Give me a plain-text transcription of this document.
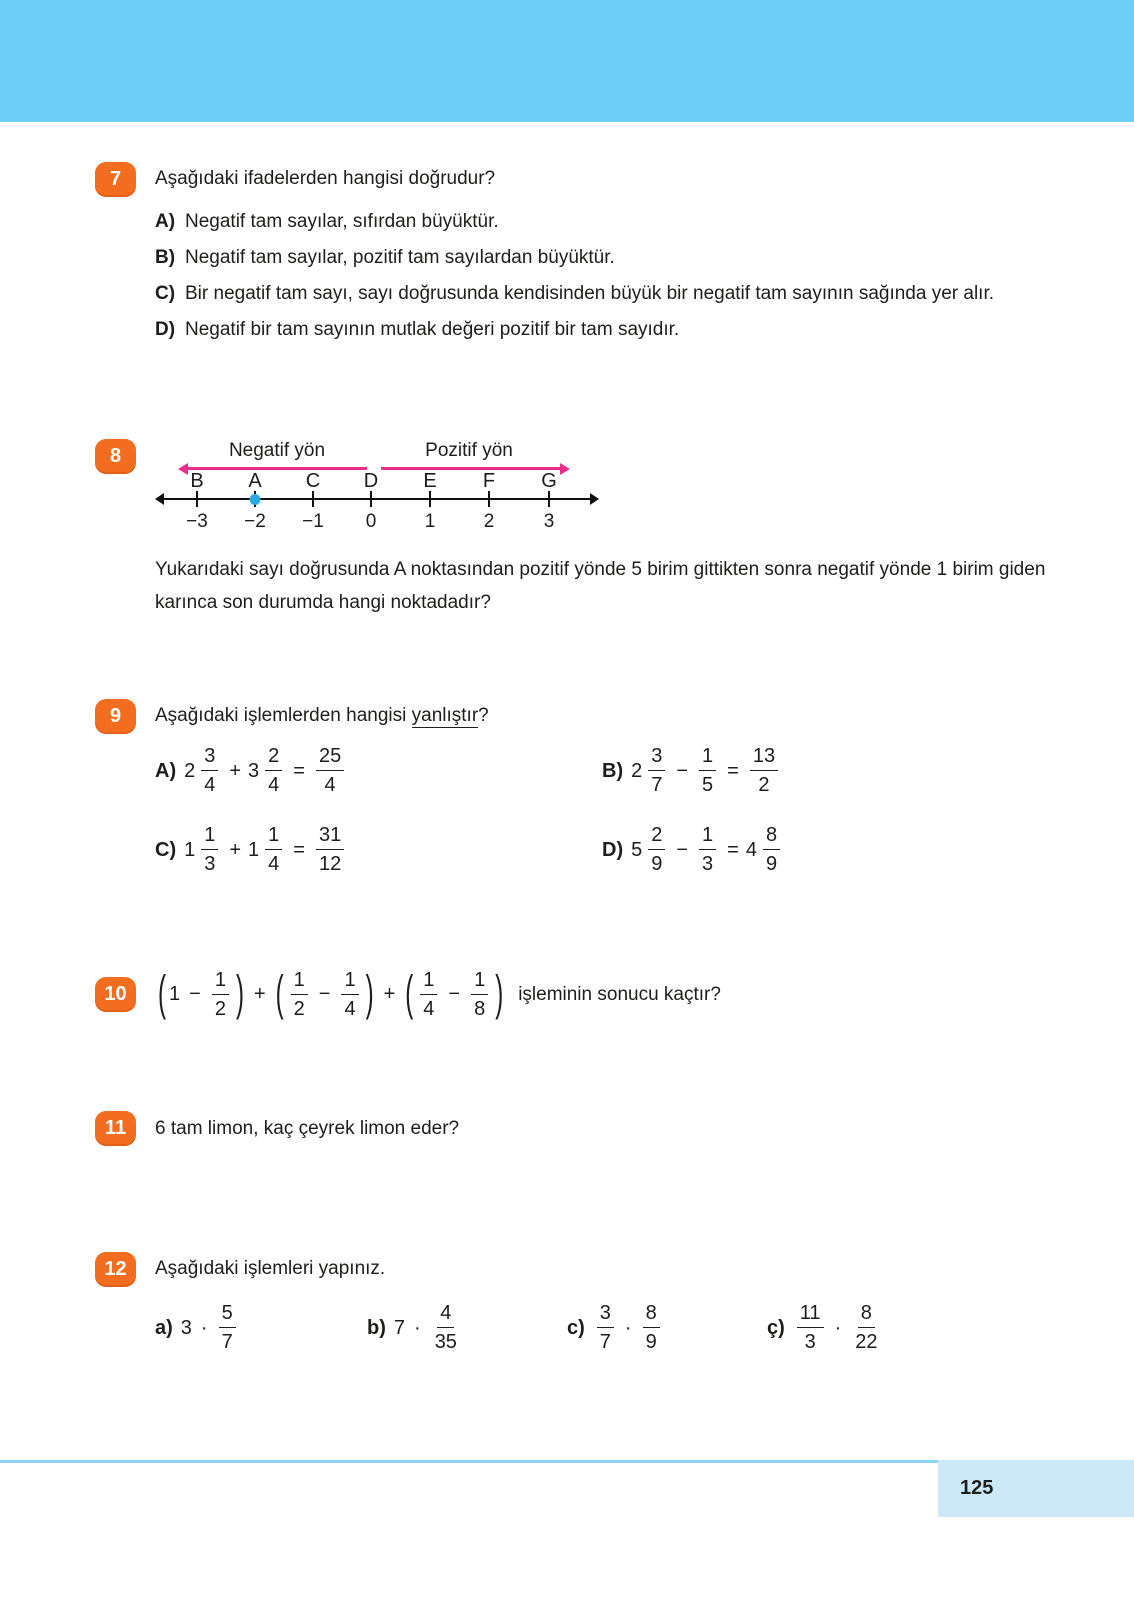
7	Aşağıdaki ifadelerden hangisi doğrudur?
A) Negatif tam sayılar, sıfırdan büyüktür.
B) Negatif tam sayılar, pozitif tam sayılardan büyüktür.
C) Bir negatif tam sayı, sayı doğrusunda kendisinden büyük bir negatif tam sayının sağında yer alır.
D) Negatif bir tam sayının mutlak değeri pozitif bir tam sayıdır.
8	Negatif yön	Pozitif yön
B A C D E F G
−3 −2 −1 0	1	2	3
Yukarıdaki sayı doğrusunda A noktasından pozitif yönde 5 birim gittikten sonra negatif yönde 1 birim giden karınca son durumda hangi noktadadır?
9	Aşağıdaki işlemlerden hangisi yanlıştır?
A) $2 \frac{3}{4} + 3 \frac{2}{4} = \frac{25}{4}$	B) $2 \frac{3}{7} - \frac{1}{5} = \frac{13}{2}$
C) $1 \frac{1}{3} + 1 \frac{1}{4} = \frac{31}{12}$	D) $5 \frac{2}{9} - \frac{1}{3} = 4 \frac{8}{9}$
10	( $1 - \frac{1}{2}$ ) + ( $\frac{1}{2} - \frac{1}{4}$ ) + ( $\frac{1}{4} - \frac{1}{8}$ ) işleminin sonucu kaçtır?
11	6 tam limon, kaç çeyrek limon eder?
12	Aşağıdaki işlemleri yapınız.
a) $3 \cdot \frac{5}{7}$	b) $7 \cdot \frac{4}{35}$	$c) \frac{3}{7} \cdot \frac{8}{9}$	ç) $\frac{11}{3} \cdot \frac{8}{22}$
125
